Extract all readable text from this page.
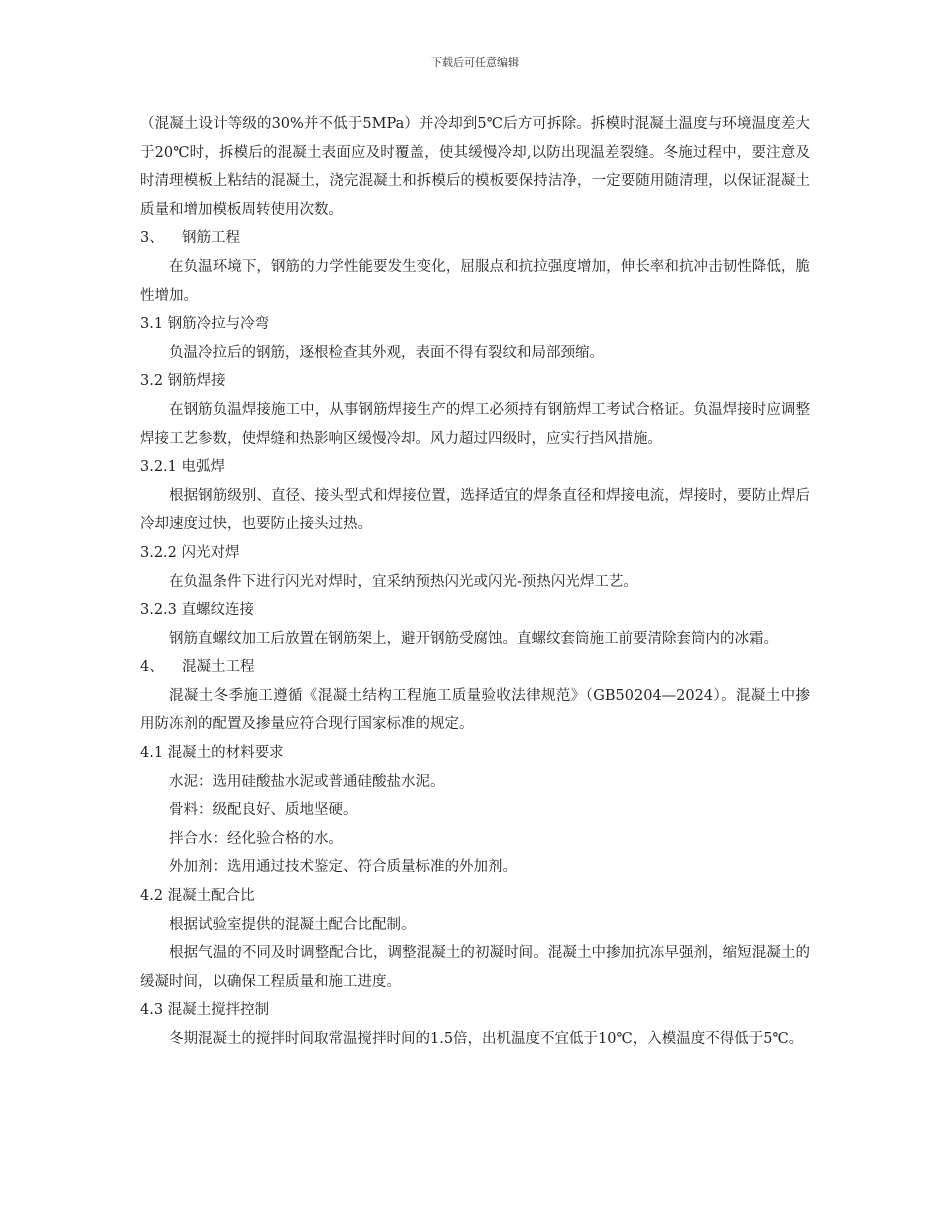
下载后可任意编辑

（混凝土设计等级的30%并不低于5MPa）并冷却到5℃后方可拆除。拆模时混凝土温度与环境温度差大于20℃时，拆模后的混凝土表面应及时覆盖，使其缓慢冷却,以防出现温差裂缝。冬施过程中，要注意及时清理模板上粘结的混凝土，浇完混凝土和拆模后的模板要保持洁净，一定要随用随清理，以保证混凝土质量和增加模板周转使用次数。

3、 钢筋工程

在负温环境下，钢筋的力学性能要发生变化，屈服点和抗拉强度增加，伸长率和抗冲击韧性降低，脆性增加。

3.1 钢筋冷拉与冷弯

负温冷拉后的钢筋，逐根检查其外观，表面不得有裂纹和局部颈缩。

3.2 钢筋焊接

在钢筋负温焊接施工中，从事钢筋焊接生产的焊工必须持有钢筋焊工考试合格证。负温焊接时应调整焊接工艺参数，使焊缝和热影响区缓慢冷却。风力超过四级时，应实行挡风措施。

3.2.1 电弧焊

根据钢筋级别、直径、接头型式和焊接位置，选择适宜的焊条直径和焊接电流，焊接时，要防止焊后冷却速度过快，也要防止接头过热。

3.2.2 闪光对焊

在负温条件下进行闪光对焊时，宜采纳预热闪光或闪光-预热闪光焊工艺。

3.2.3 直螺纹连接

钢筋直螺纹加工后放置在钢筋架上，避开钢筋受腐蚀。直螺纹套筒施工前要清除套筒内的冰霜。

4、 混凝土工程

混凝土冬季施工遵循《混凝土结构工程施工质量验收法律规范》（GB50204—2024）。混凝土中掺用防冻剂的配置及掺量应符合现行国家标准的规定。

4.1 混凝土的材料要求

水泥：选用硅酸盐水泥或普通硅酸盐水泥。

骨料：级配良好、质地坚硬。

拌合水：经化验合格的水。

外加剂：选用通过技术鉴定、符合质量标准的外加剂。

4.2 混凝土配合比

根据试验室提供的混凝土配合比配制。

根据气温的不同及时调整配合比，调整混凝土的初凝时间。混凝土中掺加抗冻早强剂，缩短混凝土的缓凝时间，以确保工程质量和施工进度。

4.3 混凝土搅拌控制

冬期混凝土的搅拌时间取常温搅拌时间的1.5倍，出机温度不宜低于10℃，入模温度不得低于5℃。
